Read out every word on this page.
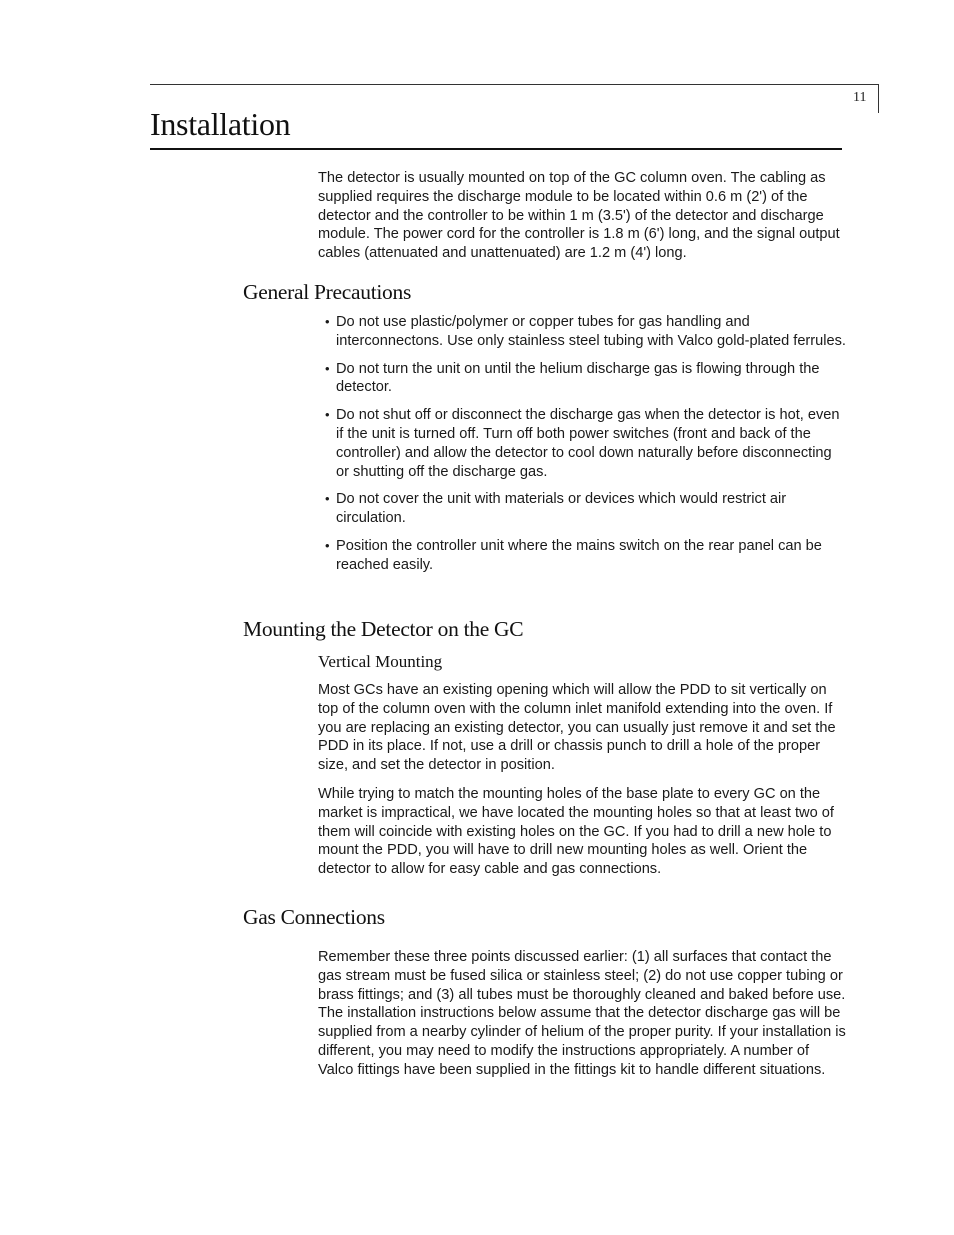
11
Installation

The detector is usually mounted on top of the GC column oven. The cabling as supplied requires the discharge module to be located within 0.6 m (2') of the detector and the controller to be within 1 m (3.5') of the detector and discharge module. The power cord for the controller is 1.8 m (6') long, and the signal output cables (attenuated and unattenuated) are 1.2 m (4') long.

General Precautions
• Do not use plastic/polymer or copper tubes for gas handling and interconnectons. Use only stainless steel tubing with Valco gold-plated ferrules.
• Do not turn the unit on until the helium discharge gas is flowing through the detector.
• Do not shut off or disconnect the discharge gas when the detector is hot, even if the unit is turned off. Turn off both power switches (front and back of the controller) and allow the detector to cool down naturally before disconnecting or shutting off the discharge gas.
• Do not cover the unit with materials or devices which would restrict air circulation.
• Position the controller unit where the mains switch on the rear panel can be reached easily.
Mounting the Detector on the GC
Vertical Mounting

Most GCs have an existing opening which will allow the PDD to sit vertically on top of the column oven with the column inlet manifold extending into the oven. If you are replacing an existing detector, you can usually just remove it and set the PDD in its place. If not, use a drill or chassis punch to drill a hole of the proper size, and set the detector in position.

While trying to match the mounting holes of the base plate to every GC on the market is impractical, we have located the mounting holes so that at least two of them will coincide with existing holes on the GC. If you had to drill a new hole to mount the PDD, you will have to drill new mounting holes as well. Orient the detector to allow for easy cable and gas connections.

Gas Connections

Remember these three points discussed earlier: (1) all surfaces that contact the gas stream must be fused silica or stainless steel; (2) do not use copper tubing or brass fittings; and (3) all tubes must be thoroughly cleaned and baked before use. The installation instructions below assume that the detector discharge gas will be supplied from a nearby cylinder of helium of the proper purity. If your installation is different, you may need to modify the instructions appropriately. A number of Valco fittings have been supplied in the fittings kit to handle different situations.
